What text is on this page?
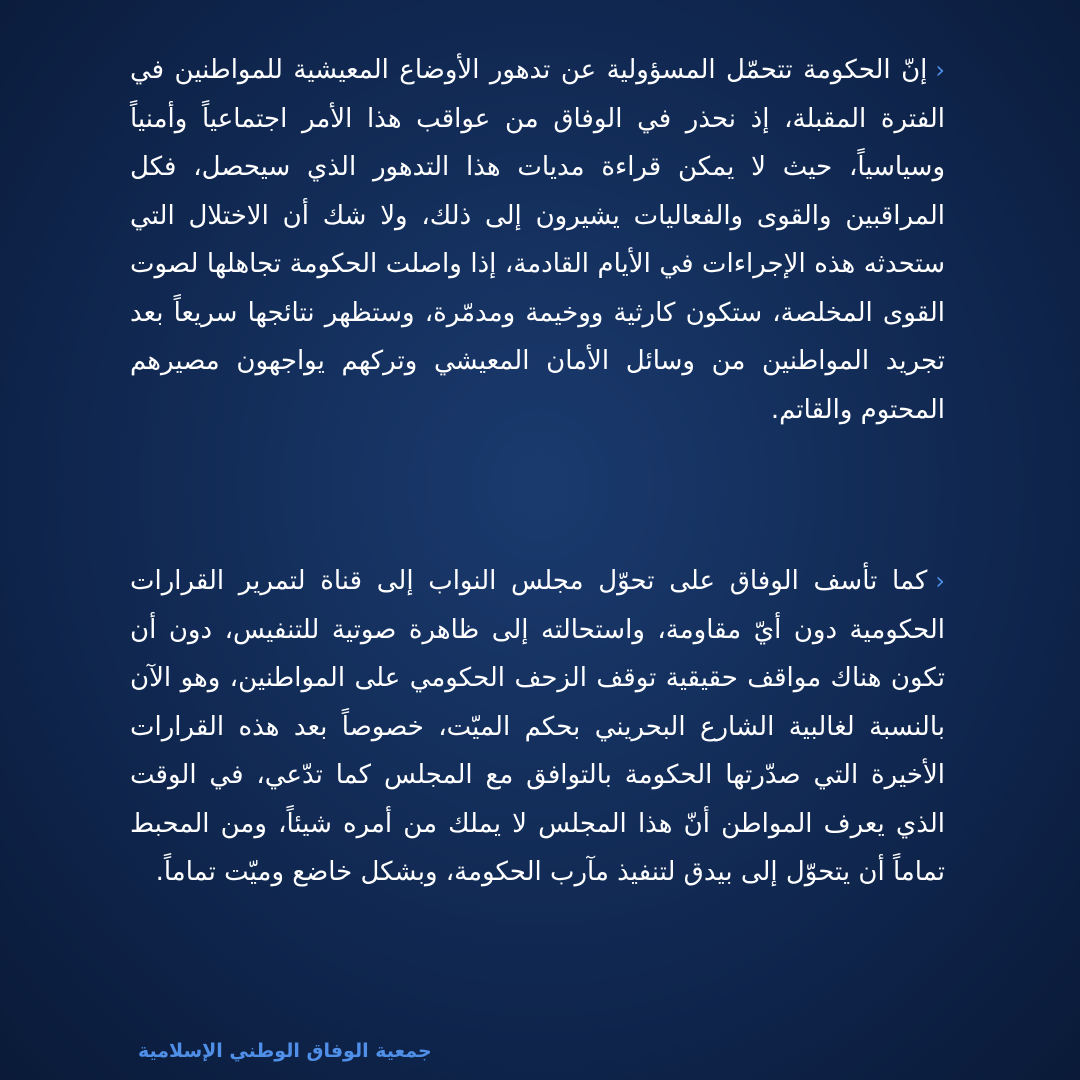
‹إنّ الحكومة تتحمّل المسؤولية عن تدهور الأوضاع المعيشية للمواطنين في الفترة المقبلة، إذ نحذر في الوفاق من عواقب هذا الأمر اجتماعياً وأمنياً وسياسياً، حيث لا يمكن قراءة مديات هذا التدهور الذي سيحصل، فكل المراقبين والقوى والفعاليات يشيرون إلى ذلك، ولا شك أن الاختلال التي ستحدثه هذه الإجراءات في الأيام القادمة، إذا واصلت الحكومة تجاهلها لصوت القوى المخلصة، ستكون كارثية ووخيمة ومدمّرة، وستظهر نتائجها سريعاً بعد تجريد المواطنين من وسائل الأمان المعيشي وتركهم يواجهون مصيرهم المحتوم والقاتم.
‹كما تأسف الوفاق على تحوّل مجلس النواب إلى قناة لتمرير القرارات الحكومية دون أيّ مقاومة، واستحالته إلى ظاهرة صوتية للتنفيس، دون أن تكون هناك مواقف حقيقية توقف الزحف الحكومي على المواطنين، وهو الآن بالنسبة لغالبية الشارع البحريني بحكم الميّت، خصوصاً بعد هذه القرارات الأخيرة التي صدّرتها الحكومة بالتوافق مع المجلس كما تدّعي، في الوقت الذي يعرف المواطن أنّ هذا المجلس لا يملك من أمره شيئاً، ومن المحبط تماماً أن يتحوّل إلى بيدق لتنفيذ مآرب الحكومة، وبشكل خاضع وميّت تماماً.
جمعية الوفاق الوطني الإسلامية
